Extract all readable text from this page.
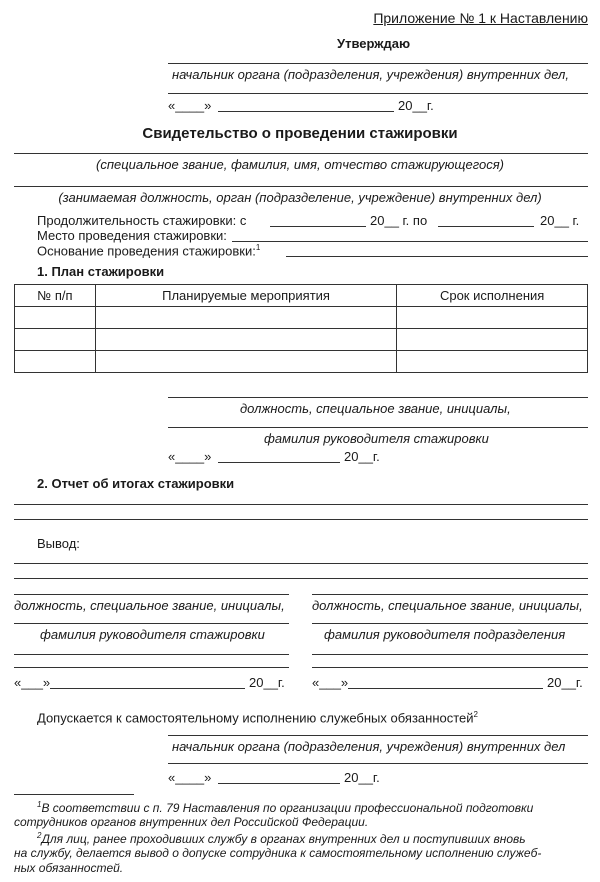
Приложение № 1 к Наставлению
Утверждаю
начальник органа (подразделения, учреждения) внутренних дел,
«____»	20__г.
Свидетельство о проведении стажировки
(специальное звание, фамилия, имя, отчество стажирующегося)
(занимаемая должность, орган (подразделение, учреждение) внутренних дел)
Продолжительность стажировки: с	20__ г. по	20__ г.
Место проведения стажировки:
Основание проведения стажировки:$^1$
1. План стажировки
№ п/п	Планируемые мероприятия	Срок исполнения

должность, специальное звание, инициалы,
фамилия руководителя стажировки
«____»	20__г.
2. Отчет об итогах стажировки
Вывод:
должность, специальное звание, инициалы, должность, специальное звание, инициалы,
фамилия руководителя стажировки	фамилия руководителя подразделения
«___»	20__г. «___»	20__г.
Допускается к самостоятельному исполнению служебных обязанностей$^2$
начальник органа (подразделения, учреждения) внутренних дел
«____»	20__г.
$^1$В соответствии с п. 79 Наставления по организации профессиональной подготовки
сотрудников органов внутренних дел Российской Федерации.
$^2$Для лиц, ранее проходивших службу в органах внутренних дел и поступивших вновь
на службу, делается вывод о допуске сотрудника к самостоятельному исполнению служеб-
ных обязанностей.
